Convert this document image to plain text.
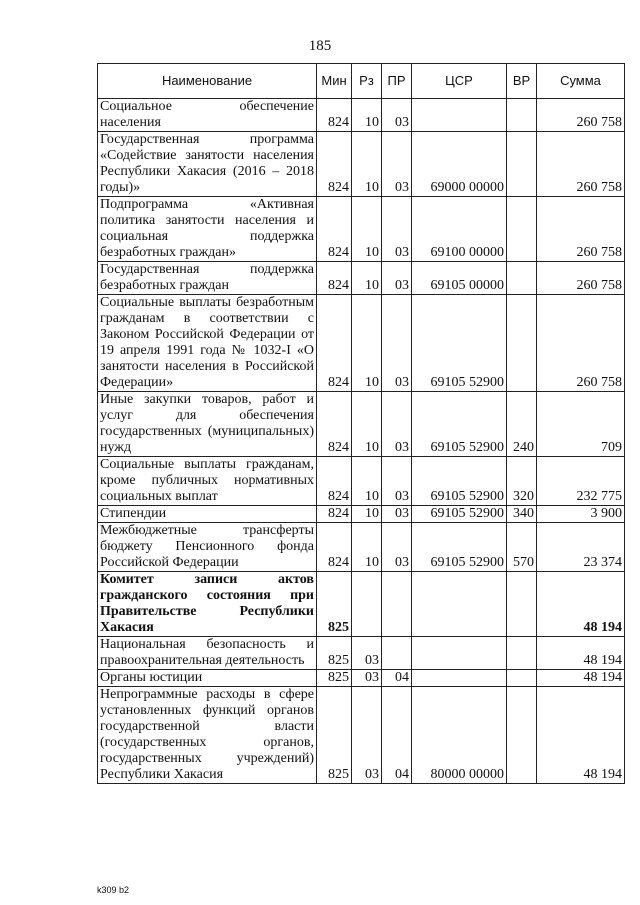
185
Наименование	Мин	Рз	ПР	ЦСР	ВР	Сумма
Социальное обеспечение населения	824	10	03			260 758
Государственная программа «Содействие занятости населения Республики Хакасия (2016 – 2018 годы)»	824	10	03	69000 00000		260 758
Подпрограмма «Активная политика занятости населения и социальная поддержка безработных граждан»	824	10	03	69100 00000		260 758
Государственная поддержка безработных граждан	824	10	03	69105 00000		260 758
Социальные выплаты безработным гражданам в соответствии с Законом Российской Федерации от 19 апреля 1991 года № 1032-I «О занятости населения в Российской Федерации»	824	10	03	69105 52900		260 758
Иные закупки товаров, работ и услуг для обеспечения государственных (муниципальных) нужд	824	10	03	69105 52900	240	709
Социальные выплаты гражданам, кроме публичных нормативных социальных выплат	824	10	03	69105 52900	320	232 775
Стипендии	824	10	03	69105 52900	340	3 900
Межбюджетные трансферты бюджету Пенсионного фонда Российской Федерации	824	10	03	69105 52900	570	23 374
Комитет записи актов гражданского состояния при Правительстве Республики Хакасия	825					48 194
Национальная безопасность и правоохранительная деятельность	825	03				48 194
Органы юстиции	825	03	04			48 194
Непрограммные расходы в сфере установленных функций органов государственной власти (государственных органов, государственных учреждений) Республики Хакасия	825	03	04	80000 00000		48 194
k309 b2
